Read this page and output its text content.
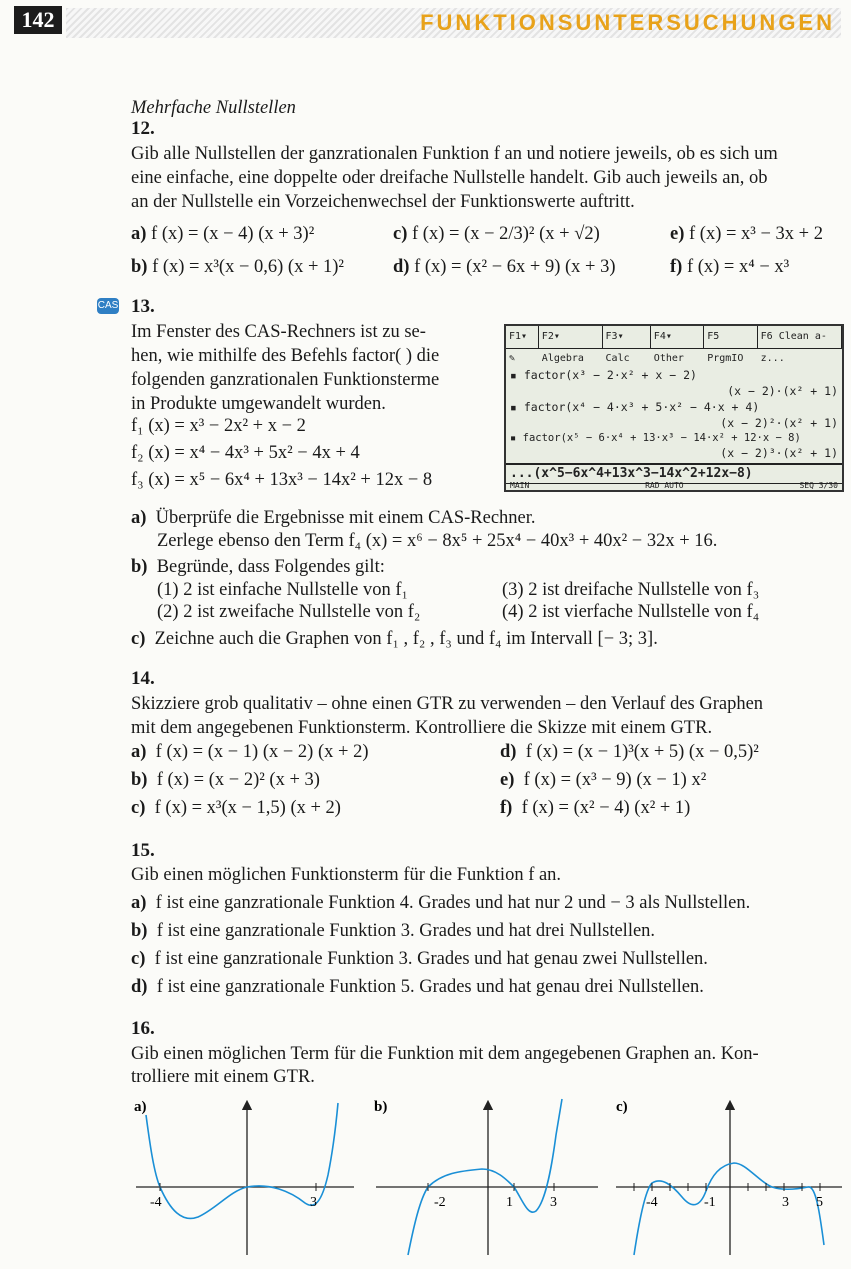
142	FUNKTIONSUNTERSUCHUNGEN
Mehrfache Nullstellen
12.
Gib alle Nullstellen der ganzrationalen Funktion f an und notiere jeweils, ob es sich um
eine einfache, eine doppelte oder dreifache Nullstelle handelt. Gib auch jeweils an, ob
an der Nullstelle ein Vorzeichenwechsel der Funktionswerte auftritt.
a) f (x) = (x − 4) (x + 3)²	c) f (x) = (x − 2/3)² (x + √2)	e) f (x) = x³ − 3x + 2
b) f (x) = x³(x − 0,6) (x + 1)²	d) f (x) = (x² − 6x + 9) (x + 3)	f) f (x) = x⁴ − x³
CAS 13.
Im Fenster des CAS-Rechners ist zu se-
hen, wie mithilfe des Befehls factor( ) die
folgenden ganzrationalen Funktionsterme
in Produkte umgewandelt wurden.
f₁ (x) = x³ − 2x² + x − 2
f₂ (x) = x⁴ − 4x³ + 5x² − 4x + 4
f₃ (x) = x⁵ − 6x⁴ + 13x³ − 14x² + 12x − 8
F1▾ ✎
F2▾ Algebra
F3▾ Calc
F4▾ Other
F5 PrgmIO
F6 Clean a-z...
▪ factor(x³ − 2·x² + x − 2)
(x − 2)·(x² + 1)
▪ factor(x⁴ − 4·x³ + 5·x² − 4·x + 4)
(x − 2)²·(x² + 1)
▪ factor(x⁵ − 6·x⁴ + 13·x³ − 14·x² + 12·x − 8)
(x − 2)³·(x² + 1)
...(x^5−6x^4+13x^3−14x^2+12x−8)
MAIN	RAD AUTO	SEQ 3/30
a) Überprüfe die Ergebnisse mit einem CAS-Rechner.
Zerlege ebenso den Term f₄ (x) = x⁶ − 8x⁵ + 25x⁴ − 40x³ + 40x² − 32x + 16.
b) Begründe, dass Folgendes gilt:
(1) 2 ist einfache Nullstelle von f₁	(3) 2 ist dreifache Nullstelle von f₃
(2) 2 ist zweifache Nullstelle von f₂	(4) 2 ist vierfache Nullstelle von f₄
c) Zeichne auch die Graphen von f₁ , f₂ , f₃ und f₄ im Intervall [− 3; 3].
14.
Skizziere grob qualitativ – ohne einen GTR zu verwenden – den Verlauf des Graphen
mit dem angegebenen Funktionsterm. Kontrolliere die Skizze mit einem GTR.
a) f (x) = (x − 1) (x − 2) (x + 2)	d) f (x) = (x − 1)³(x + 5) (x − 0,5)²
b) f (x) = (x − 2)² (x + 3)	e) f (x) = (x³ − 9) (x − 1) x²
c) f (x) = x³(x − 1,5) (x + 2)	f) f (x) = (x² − 4) (x² + 1)
15.
Gib einen möglichen Funktionsterm für die Funktion f an.
a) f ist eine ganzrationale Funktion 4. Grades und hat nur 2 und − 3 als Nullstellen.
b) f ist eine ganzrationale Funktion 3. Grades und hat drei Nullstellen.
c) f ist eine ganzrationale Funktion 3. Grades und hat genau zwei Nullstellen.
d) f ist eine ganzrationale Funktion 5. Grades und hat genau drei Nullstellen.
16.
Gib einen möglichen Term für die Funktion mit dem angegebenen Graphen an. Kon-
trolliere mit einem GTR.
a)
-4	3
b)
-2	1	3
c)
-4	-1	3 5
